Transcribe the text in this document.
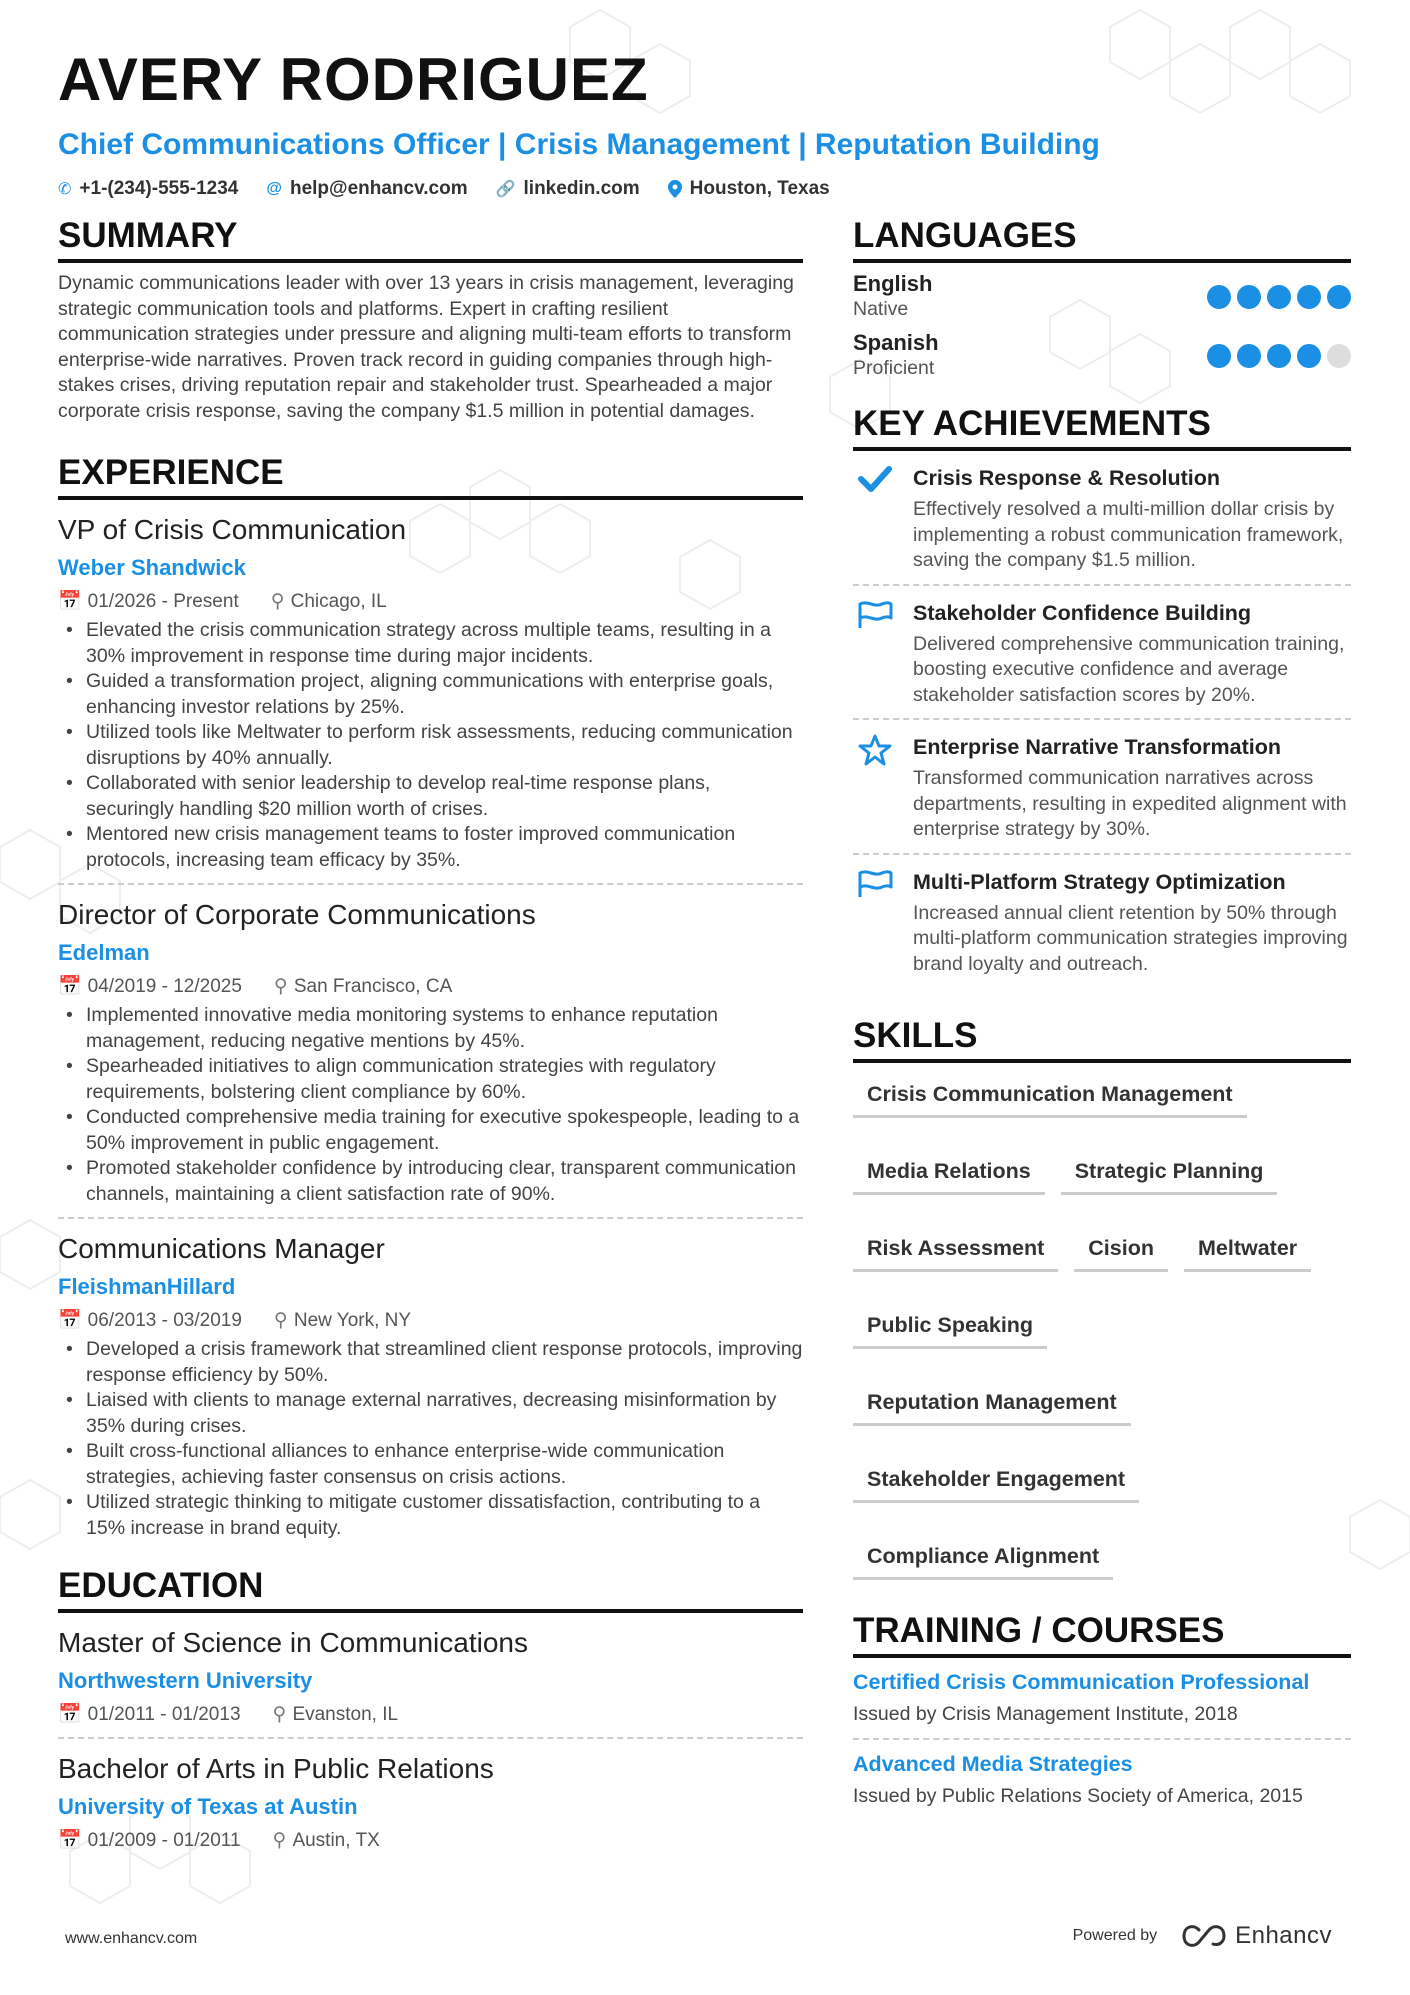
AVERY RODRIGUEZ
Chief Communications Officer | Crisis Management | Reputation Building
✆ +1-(234)-555-1234 @ help@enhancv.com 🔗 linkedin.com	Houston, Texas
SUMMARY
Dynamic communications leader with over 13 years in crisis management, leveraging strategic communication tools and platforms. Expert in crafting resilient communication strategies under pressure and aligning multi-team efforts to transform enterprise-wide narratives. Proven track record in guiding companies through high-stakes crises, driving reputation repair and stakeholder trust. Spearheaded a major corporate crisis response, saving the company $1.5 million in potential damages.
EXPERIENCE
VP of Crisis Communication
Weber Shandwick
📅 01/2026 - Present ⚲ Chicago, IL
• Elevated the crisis communication strategy across multiple teams, resulting in a 30% improvement in response time during major incidents.
• Guided a transformation project, aligning communications with enterprise goals, enhancing investor relations by 25%.
• Utilized tools like Meltwater to perform risk assessments, reducing communication disruptions by 40% annually.
• Collaborated with senior leadership to develop real-time response plans, securingly handling $20 million worth of crises.
• Mentored new crisis management teams to foster improved communication protocols, increasing team efficacy by 35%.
Director of Corporate Communications
Edelman
📅 04/2019 - 12/2025 ⚲ San Francisco, CA
• Implemented innovative media monitoring systems to enhance reputation management, reducing negative mentions by 45%.
• Spearheaded initiatives to align communication strategies with regulatory requirements, bolstering client compliance by 60%.
• Conducted comprehensive media training for executive spokespeople, leading to a 50% improvement in public engagement.
• Promoted stakeholder confidence by introducing clear, transparent communication channels, maintaining a client satisfaction rate of 90%.
Communications Manager
FleishmanHillard
📅 06/2013 - 03/2019 ⚲ New York, NY
• Developed a crisis framework that streamlined client response protocols, improving response efficiency by 50%.
• Liaised with clients to manage external narratives, decreasing misinformation by 35% during crises.
• Built cross-functional alliances to enhance enterprise-wide communication strategies, achieving faster consensus on crisis actions.
• Utilized strategic thinking to mitigate customer dissatisfaction, contributing to a 15% increase in brand equity.
EDUCATION
Master of Science in Communications
Northwestern University
📅 01/2011 - 01/2013 ⚲ Evanston, IL
Bachelor of Arts in Public Relations
University of Texas at Austin
📅 01/2009 - 01/2011 ⚲ Austin, TX
LANGUAGES
English
Native
Spanish
Proficient
KEY ACHIEVEMENTS
Crisis Response & Resolution
Effectively resolved a multi-million dollar crisis by implementing a robust communication framework, saving the company $1.5 million.
Stakeholder Confidence Building
Delivered comprehensive communication training, boosting executive confidence and average stakeholder satisfaction scores by 20%.
Enterprise Narrative Transformation
Transformed communication narratives across departments, resulting in expedited alignment with enterprise strategy by 30%.
Multi-Platform Strategy Optimization
Increased annual client retention by 50% through multi-platform communication strategies improving brand loyalty and outreach.
SKILLS
Crisis Communication Management
Media Relations	Strategic Planning
Risk Assessment	Cision	Meltwater
Public Speaking
Reputation Management
Stakeholder Engagement
Compliance Alignment
TRAINING / COURSES
Certified Crisis Communication Professional
Issued by Crisis Management Institute, 2018
Advanced Media Strategies
Issued by Public Relations Society of America, 2015
www.enhancv.com	Powered by	Enhancv
